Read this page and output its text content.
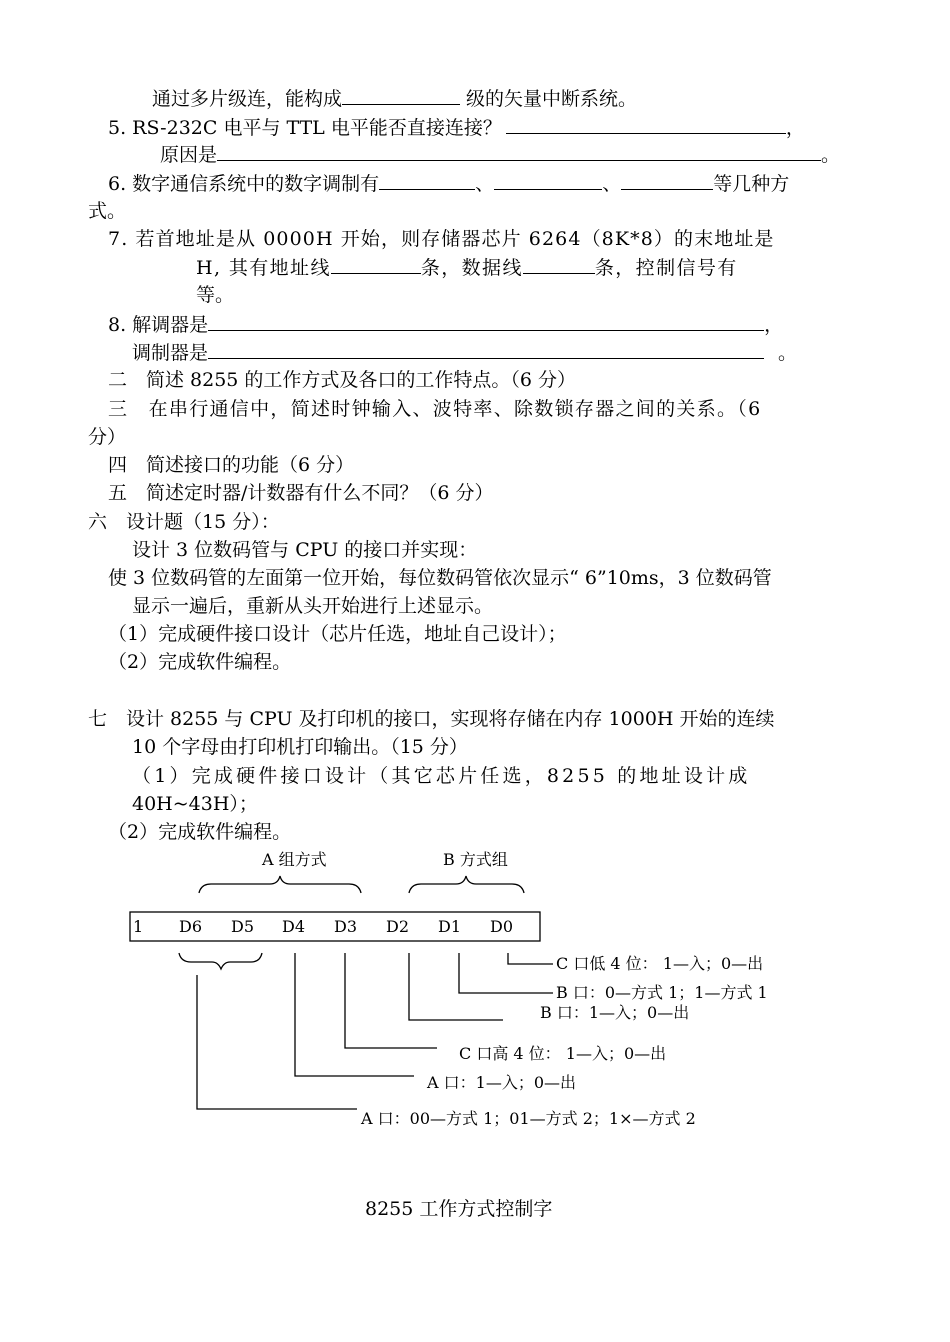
通过多片级连，能构成	级的矢量中断系统。
5. RS-232C 电平与 TTL 电平能否直接连接？	，
原因是	。
6. 数字通信系统中的数字调制有	、	、	等几种方
式。
7. 若首地址是从 0000H 开始，则存储器芯片 6264（8K*8）的末地址是
H, 其有地址线	条，数据线	条，控制信号有
等。
8. 解调器是	，
调制器是	。
二　简述 8255 的工作方式及各口的工作特点。（6 分）
三　在串行通信中，简述时钟输入、波特率、除数锁存器之间的关系。（6
分）
四　简述接口的功能（6 分）
五　简述定时器/计数器有什么不同？（6 分）
六　设计题（15 分）：
设计 3 位数码管与 CPU 的接口并实现：
使 3 位数码管的左面第一位开始，每位数码管依次显示“ 6”10ms，3 位数码管
显示一遍后，重新从头开始进行上述显示。
（1）完成硬件接口设计（芯片任选，地址自己设计）；
（2）完成软件编程。
七　设计 8255 与 CPU 及打印机的接口，实现将存储在内存 1000H 开始的连续
10 个字母由打印机打印输出。（15 分）
（1）完成硬件接口设计（其它芯片任选，8255 的地址设计成
40H~43H）；
（2）完成软件编程。
A 组方式	B 方式组
1 D6 D5 D4 D3 D2 D1 D0
C 口低 4 位： 1—入；0—出
B 口：0—方式 1；1—方式 1
B 口：1—入；0—出
C 口高 4 位： 1—入；0—出
A 口：1—入；0—出
A 口：00—方式 1；01—方式 2；1×—方式 2
8255 工作方式控制字
